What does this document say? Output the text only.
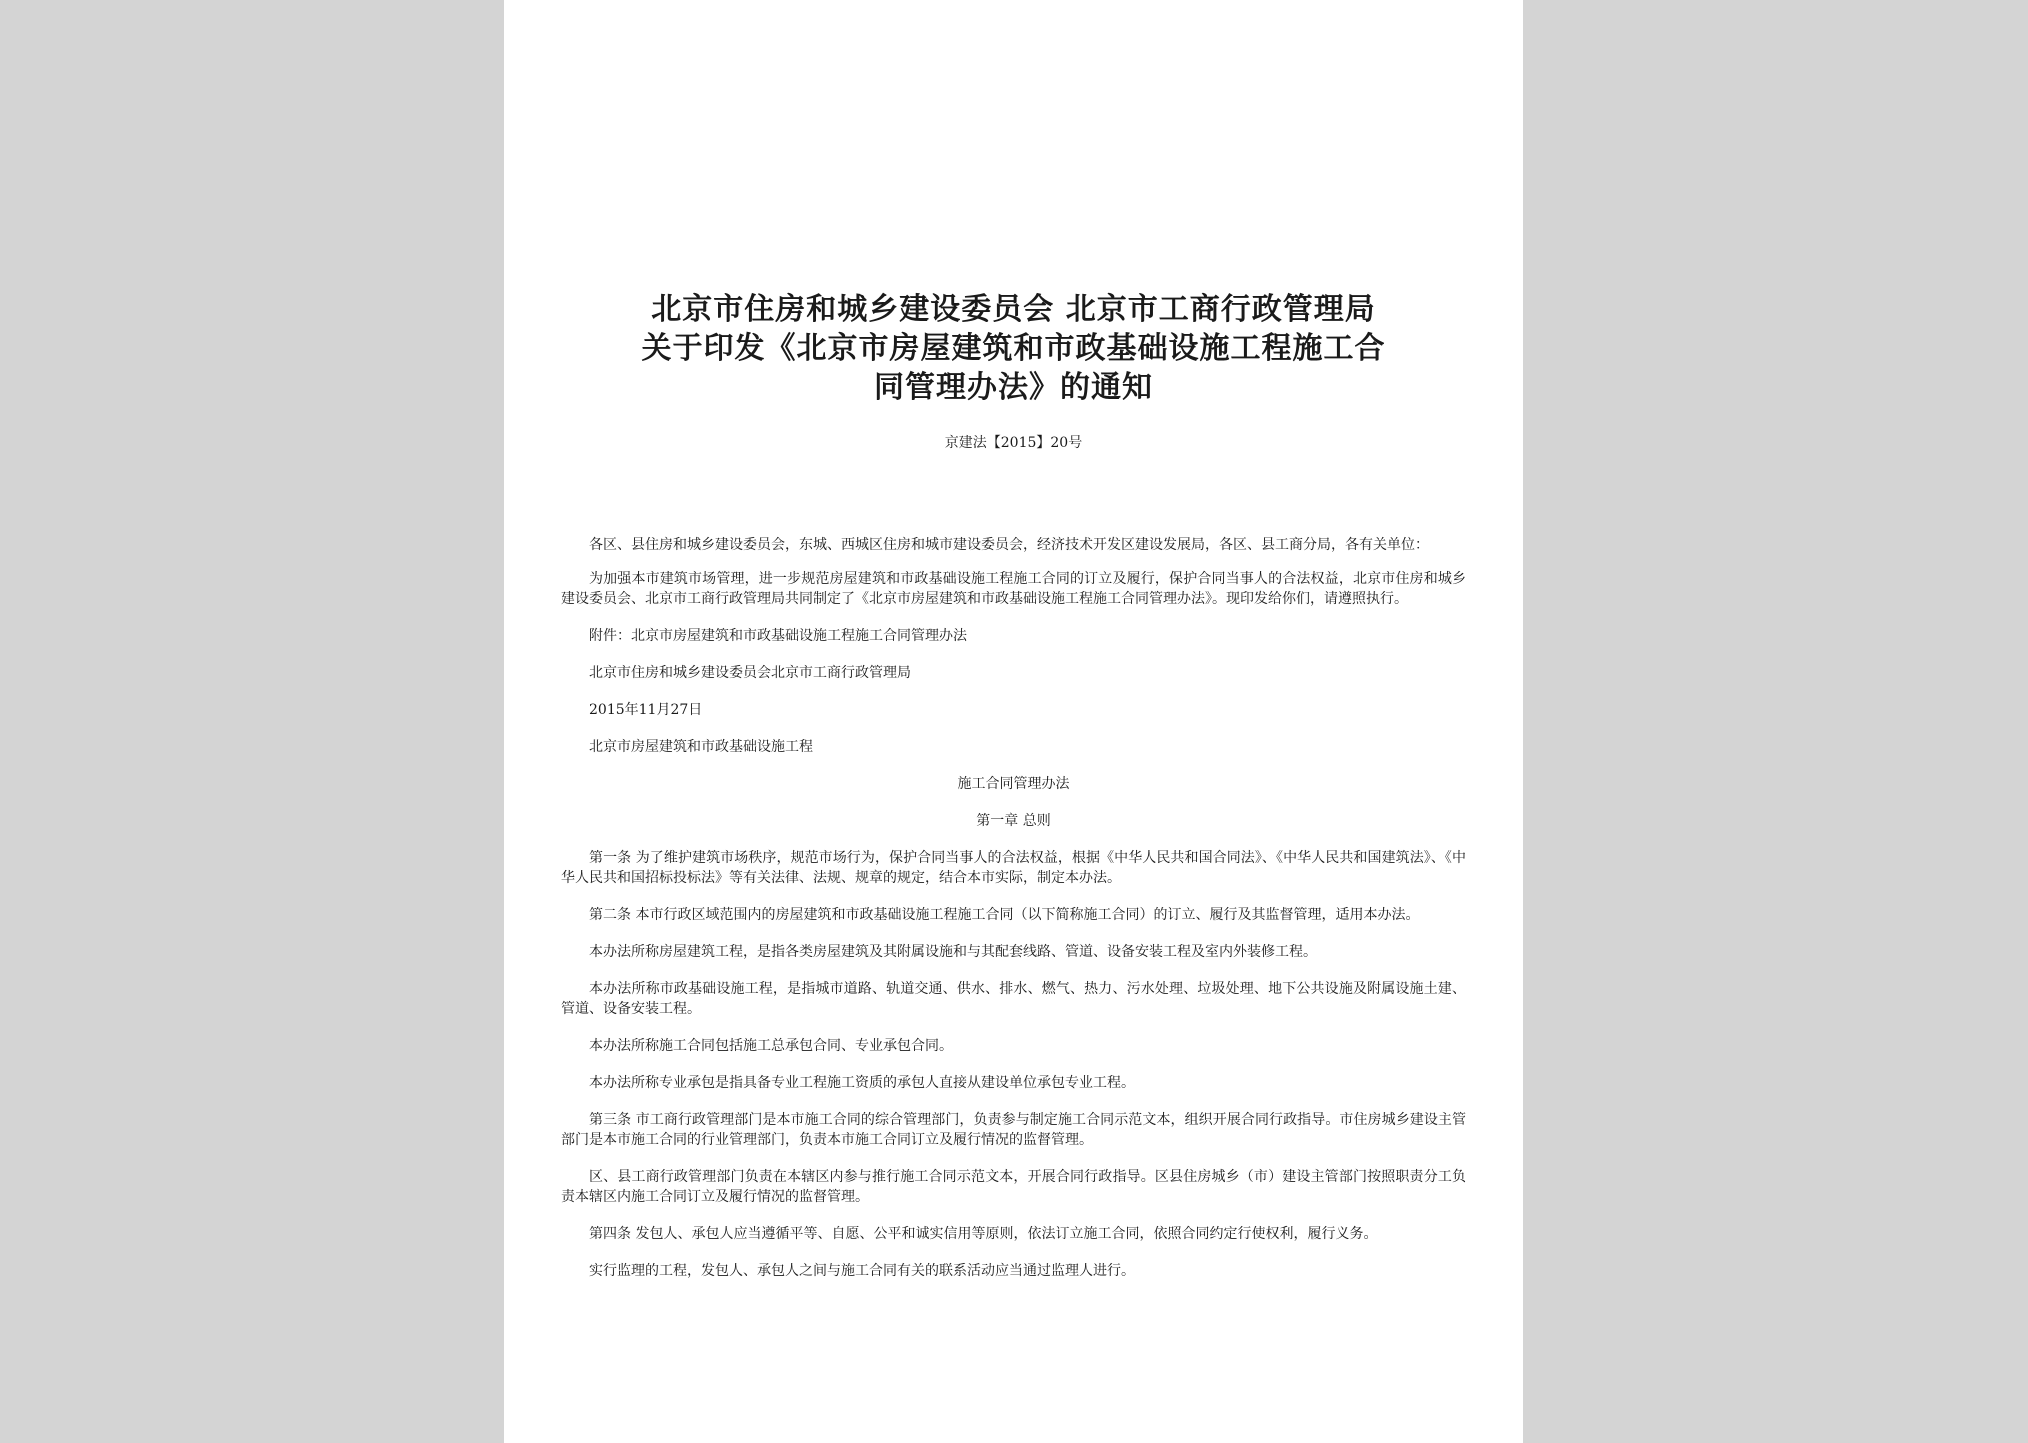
北京市住房和城乡建设委员会 北京市工商行政管理局
关于印发《北京市房屋建筑和市政基础设施工程施工合
同管理办法》的通知
京建法【2015】20号

各区、县住房和城乡建设委员会，东城、西城区住房和城市建设委员会，经济技术开发区建设发展局，各区、县工商分局，各有关单位：

为加强本市建筑市场管理，进一步规范房屋建筑和市政基础设施工程施工合同的订立及履行，保护合同当事人的合法权益，北京市住房和城乡建设委员会、北京市工商行政管理局共同制定了《北京市房屋建筑和市政基础设施工程施工合同管理办法》。现印发给你们，请遵照执行。

附件：北京市房屋建筑和市政基础设施工程施工合同管理办法

北京市住房和城乡建设委员会北京市工商行政管理局

2015年11月27日

北京市房屋建筑和市政基础设施工程

施工合同管理办法

第一章 总则

第一条 为了维护建筑市场秩序，规范市场行为，保护合同当事人的合法权益，根据《中华人民共和国合同法》、《中华人民共和国建筑法》、《中华人民共和国招标投标法》等有关法律、法规、规章的规定，结合本市实际，制定本办法。

第二条 本市行政区域范围内的房屋建筑和市政基础设施工程施工合同（以下简称施工合同）的订立、履行及其监督管理，适用本办法。

本办法所称房屋建筑工程，是指各类房屋建筑及其附属设施和与其配套线路、管道、设备安装工程及室内外装修工程。

本办法所称市政基础设施工程，是指城市道路、轨道交通、供水、排水、燃气、热力、污水处理、垃圾处理、地下公共设施及附属设施土建、管道、设备安装工程。

本办法所称施工合同包括施工总承包合同、专业承包合同。

本办法所称专业承包是指具备专业工程施工资质的承包人直接从建设单位承包专业工程。

第三条 市工商行政管理部门是本市施工合同的综合管理部门，负责参与制定施工合同示范文本，组织开展合同行政指导。市住房城乡建设主管部门是本市施工合同的行业管理部门，负责本市施工合同订立及履行情况的监督管理。

区、县工商行政管理部门负责在本辖区内参与推行施工合同示范文本，开展合同行政指导。区县住房城乡（市）建设主管部门按照职责分工负责本辖区内施工合同订立及履行情况的监督管理。

第四条 发包人、承包人应当遵循平等、自愿、公平和诚实信用等原则，依法订立施工合同，依照合同约定行使权利，履行义务。

实行监理的工程，发包人、承包人之间与施工合同有关的联系活动应当通过监理人进行。
